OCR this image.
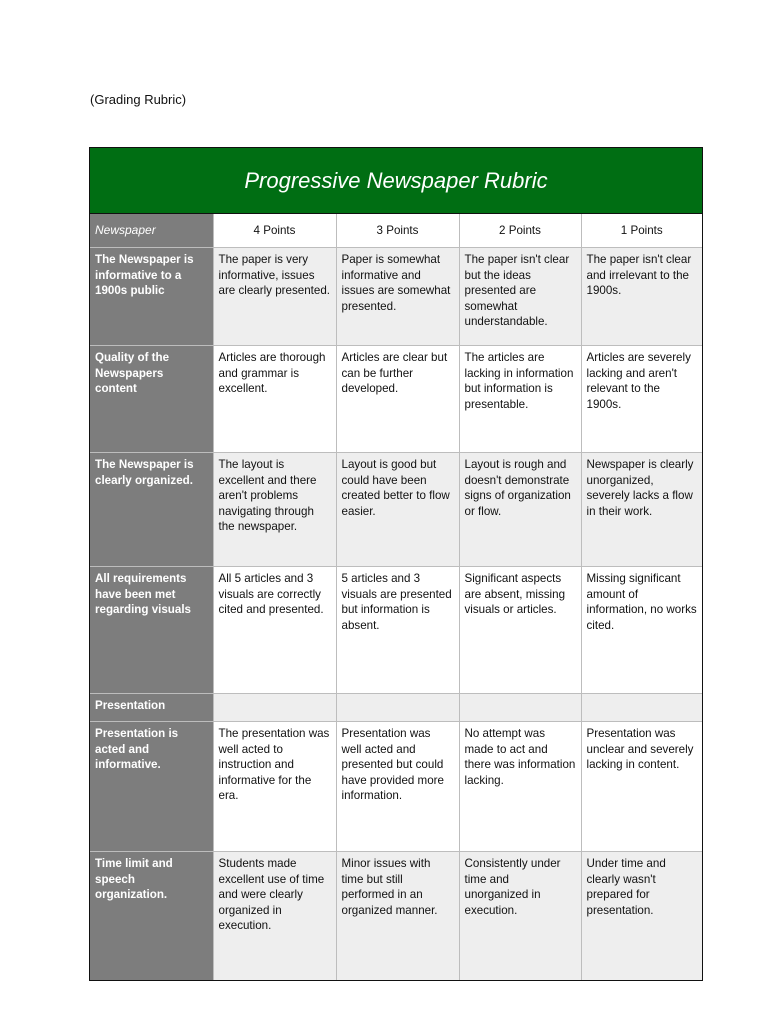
(Grading Rubric)
Progressive Newspaper Rubric
Newspaper	4 Points	3 Points	2 Points	1 Points
The Newspaper is informative to a 1900s public	The paper is very informative, issues are clearly presented.	Paper is somewhat informative and issues are somewhat presented.	The paper isn't clear but the ideas presented are somewhat understandable.	The paper isn't clear and irrelevant to the 1900s.
Quality of the Newspapers content	Articles are thorough and grammar is excellent.	Articles are clear but can be further developed.	The articles are lacking in information but information is presentable.	Articles are severely lacking and aren't relevant to the 1900s.
The Newspaper is clearly organized.	The layout is excellent and there aren't problems navigating through the newspaper.	Layout is good but could have been created better to flow easier.	Layout is rough and doesn't demonstrate signs of organization or flow.	Newspaper is clearly unorganized, severely lacks a flow in their work.
All requirements have been met regarding visuals	All 5 articles and 3 visuals are correctly cited and presented.	5 articles and 3 visuals are presented but information is absent.	Significant aspects are absent, missing visuals or articles.	Missing significant amount of information, no works cited.
Presentation				
Presentation is acted and informative.	The presentation was well acted to instruction and informative for the era.	Presentation was well acted and presented but could have provided more information.	No attempt was made to act and there was information lacking.	Presentation was unclear and severely lacking in content.
Time limit and speech organization.	Students made excellent use of time and were clearly organized in execution.	Minor issues with time but still performed in an organized manner.	Consistently under time and unorganized in execution.	Under time and clearly wasn't prepared for presentation.
